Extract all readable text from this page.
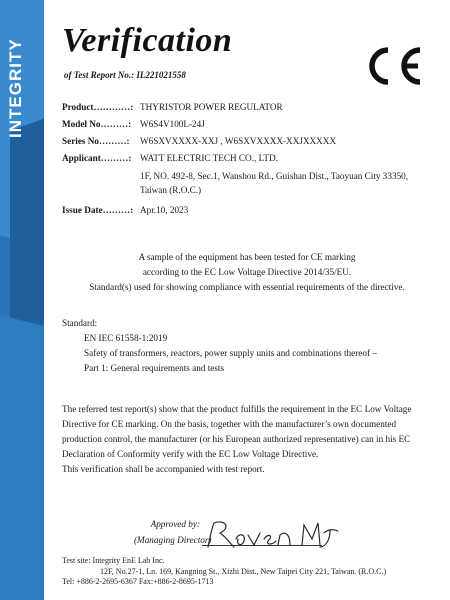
INTEGRITY	Verification
of Test Report No.: IL221021558
Product…………: THYRISTOR POWER REGULATOR
Model No………: W6S4V100L-24J
Series No………:	W6SXVXXXX-XXJ , W6SXVXXXX-XXJXXXXX
Applicant………: WATT ELECTRIC TECH CO., LTD.
1F, NO. 492-8, Sec.1, Wanshou Rd., Guishan Dist., Taoyuan City 33350,
Taiwan (R.O.C.)
Issue Date………: Apr.10, 2023
A sample of the equipment has been tested for CE marking
according to the EC Low Voltage Directive 2014/35/EU.
Standard(s) used for showing compliance with essential requirements of the directive.
Standard:
EN IEC 61558-1:2019
Safety of transformers, reactors, power supply units and combinations thereof –
Part 1: General requirements and tests
The referred test report(s) show that the product fulfills the requirement in the EC Low Voltage
Directive for CE marking. On the basis, together with the manufacturer’s own documented
production control, the manufacturer (or his European authorized representative) can in his EC
Declaration of Conformity verify with the EC Low Voltage Directive.
This verification shall be accompanied with test report.
Approved by:
(Managing Director)
Test site: Integrity EnE Lab Inc.
12F, No.27-1, Ln. 169, Kangning St., Xizhi Dist., New Taipei City 221, Taiwan. (R.O.C.)
Tel: +886-2-2695-6367 Fax:+886-2-8695-1713
